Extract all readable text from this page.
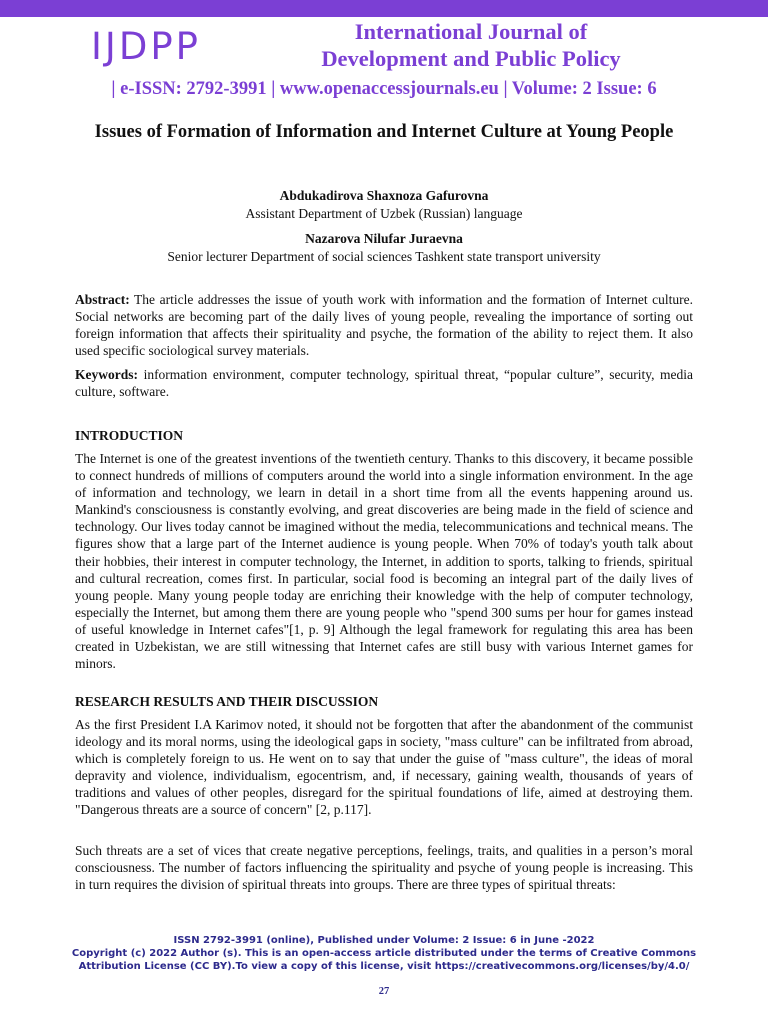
IJDPP	International Journal of
Development and Public Policy
| e-ISSN: 2792-3991 | www.openaccessjournals.eu | Volume: 2 Issue: 6
Issues of Formation of Information and Internet Culture at Young People
Abdukadirova Shaxnoza Gafurovna
Assistant Department of Uzbek (Russian) language
Nazarova Nilufar Juraevna
Senior lecturer Department of social sciences Tashkent state transport university
Abstract: The article addresses the issue of youth work with information and the formation of Internet culture. Social networks are becoming part of the daily lives of young people, revealing the importance of sorting out foreign information that affects their spirituality and psyche, the formation of the ability to reject them. It also used specific sociological survey materials.
Keywords: information environment, computer technology, spiritual threat, “popular culture”, security, media culture, software.
INTRODUCTION
The Internet is one of the greatest inventions of the twentieth century. Thanks to this discovery, it became possible to connect hundreds of millions of computers around the world into a single information environment. In the age of information and technology, we learn in detail in a short time from all the events happening around us. Mankind's consciousness is constantly evolving, and great discoveries are being made in the field of science and technology. Our lives today cannot be imagined without the media, telecommunications and technical means. The figures show that a large part of the Internet audience is young people. When 70% of today's youth talk about their hobbies, their interest in computer technology, the Internet, in addition to sports, talking to friends, spiritual and cultural recreation, comes first. In particular, social food is becoming an integral part of the daily lives of young people. Many young people today are enriching their knowledge with the help of computer technology, especially the Internet, but among them there are young people who "spend 300 sums per hour for games instead of useful knowledge in Internet cafes"[1, p. 9] Although the legal framework for regulating this area has been created in Uzbekistan, we are still witnessing that Internet cafes are still busy with various Internet games for minors.
RESEARCH RESULTS AND THEIR DISCUSSION
As the first President I.A Karimov noted, it should not be forgotten that after the abandonment of the communist ideology and its moral norms, using the ideological gaps in society, "mass culture" can be infiltrated from abroad, which is completely foreign to us. He went on to say that under the guise of "mass culture", the ideas of moral depravity and violence, individualism, egocentrism, and, if necessary, gaining wealth, thousands of years of traditions and values of other peoples, disregard for the spiritual foundations of life, aimed at destroying them. "Dangerous threats are a source of concern" [2, p.117].
Such threats are a set of vices that create negative perceptions, feelings, traits, and qualities in a person’s moral consciousness. The number of factors influencing the spirituality and psyche of young people is increasing. This in turn requires the division of spiritual threats into groups. There are three types of spiritual threats:
ISSN 2792-3991 (online), Published under Volume: 2 Issue: 6 in June -2022
Copyright (c) 2022 Author (s). This is an open-access article distributed under the terms of Creative Commons
Attribution License (CC BY).To view a copy of this license, visit https://creativecommons.org/licenses/by/4.0/
27
